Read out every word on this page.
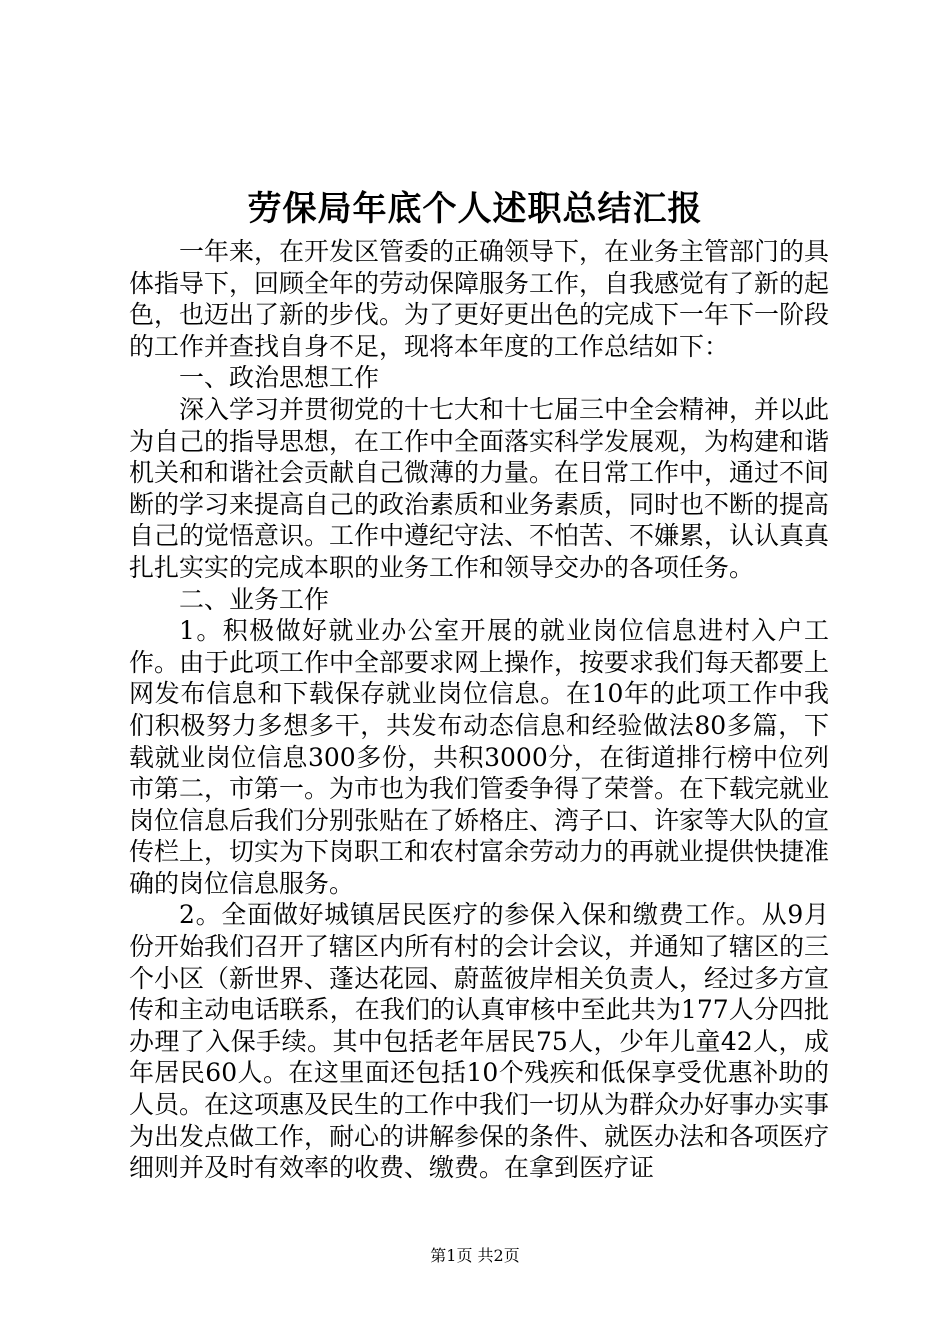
劳保局年底个人述职总结汇报

一年来，在开发区管委的正确领导下，在业务主管部门的具体指导下，回顾全年的劳动保障服务工作，自我感觉有了新的起色，也迈出了新的步伐。为了更好更出色的完成下一年下一阶段的工作并查找自身不足，现将本年度的工作总结如下：

一、政治思想工作

深入学习并贯彻党的十七大和十七届三中全会精神，并以此为自己的指导思想，在工作中全面落实科学发展观，为构建和谐机关和和谐社会贡献自己微薄的力量。在日常工作中，通过不间断的学习来提高自己的政治素质和业务素质，同时也不断的提高自己的觉悟意识。工作中遵纪守法、不怕苦、不嫌累，认认真真扎扎实实的完成本职的业务工作和领导交办的各项任务。

二、业务工作

1。积极做好就业办公室开展的就业岗位信息进村入户工作。由于此项工作中全部要求网上操作，按要求我们每天都要上网发布信息和下载保存就业岗位信息。在10年的此项工作中我们积极努力多想多干，共发布动态信息和经验做法80多篇，下载就业岗位信息300多份，共积3000分，在街道排行榜中位列市第二，市第一。为市也为我们管委争得了荣誉。在下载完就业岗位信息后我们分别张贴在了娇格庄、湾子口、许家等大队的宣传栏上，切实为下岗职工和农村富余劳动力的再就业提供快捷准确的岗位信息服务。

2。全面做好城镇居民医疗的参保入保和缴费工作。从9月份开始我们召开了辖区内所有村的会计会议，并通知了辖区的三个小区（新世界、蓬达花园、蔚蓝彼岸相关负责人，经过多方宣传和主动电话联系，在我们的认真审核中至此共为177人分四批办理了入保手续。其中包括老年居民75人，少年儿童42人，成年居民60人。在这里面还包括10个残疾和低保享受优惠补助的人员。在这项惠及民生的工作中我们一切从为群众办好事办实事为出发点做工作，耐心的讲解参保的条件、就医办法和各项医疗细则并及时有效率的收费、缴费。在拿到医疗证

第1页 共2页
